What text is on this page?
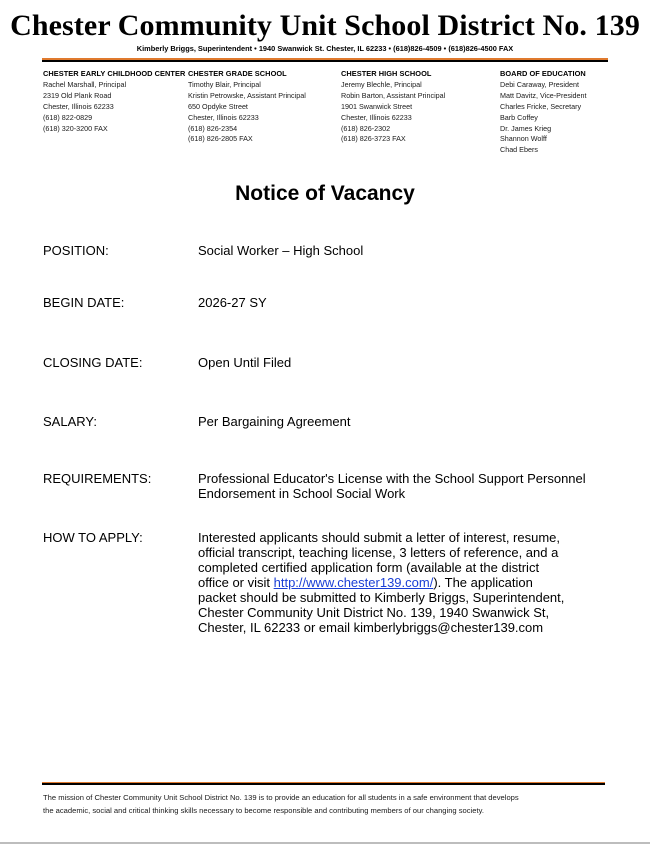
Chester Community Unit School District No. 139
Kimberly Briggs, Superintendent • 1940 Swanwick St. Chester, IL 62233 • (618)826-4509 • (618)826-4500 FAX
CHESTER EARLY CHILDHOOD CENTER
Rachel Marshall, Principal
2319 Old Plank Road
Chester, Illinois 62233
(618) 822-0829
(618) 320-3200 FAX
CHESTER GRADE SCHOOL
Timothy Blair, Principal
Kristin Petrowske, Assistant Principal
650 Opdyke Street
Chester, Illinois 62233
(618) 826-2354
(618) 826-2805 FAX
CHESTER HIGH SCHOOL
Jeremy Blechle, Principal
Robin Barton, Assistant Principal
1901 Swanwick Street
Chester, Illinois 62233
(618) 826-2302
(618) 826-3723 FAX
BOARD OF EDUCATION
Debi Caraway, President
Matt Davitz, Vice-President
Charles Fricke, Secretary
Barb Coffey
Dr. James Krieg
Shannon Wolff
Chad Ebers
Notice of Vacancy
POSITION:	Social Worker – High School
BEGIN DATE:	2026-27 SY
CLOSING DATE:	Open Until Filed
SALARY:	Per Bargaining Agreement
REQUIREMENTS:	Professional Educator's License with the School Support Personnel
Endorsement in School Social Work
HOW TO APPLY:	Interested applicants should submit a letter of interest, resume,
official transcript, teaching license, 3 letters of reference, and a
completed certified application form (available at the district
office or visit http://www.chester139.com/). The application
packet should be submitted to Kimberly Briggs, Superintendent,
Chester Community Unit District No. 139, 1940 Swanwick St,
Chester, IL 62233 or email kimberlybriggs@chester139.com
The mission of Chester Community Unit School District No. 139 is to provide an education for all students in a safe environment that develops
the academic, social and critical thinking skills necessary to become responsible and contributing members of our changing society.
